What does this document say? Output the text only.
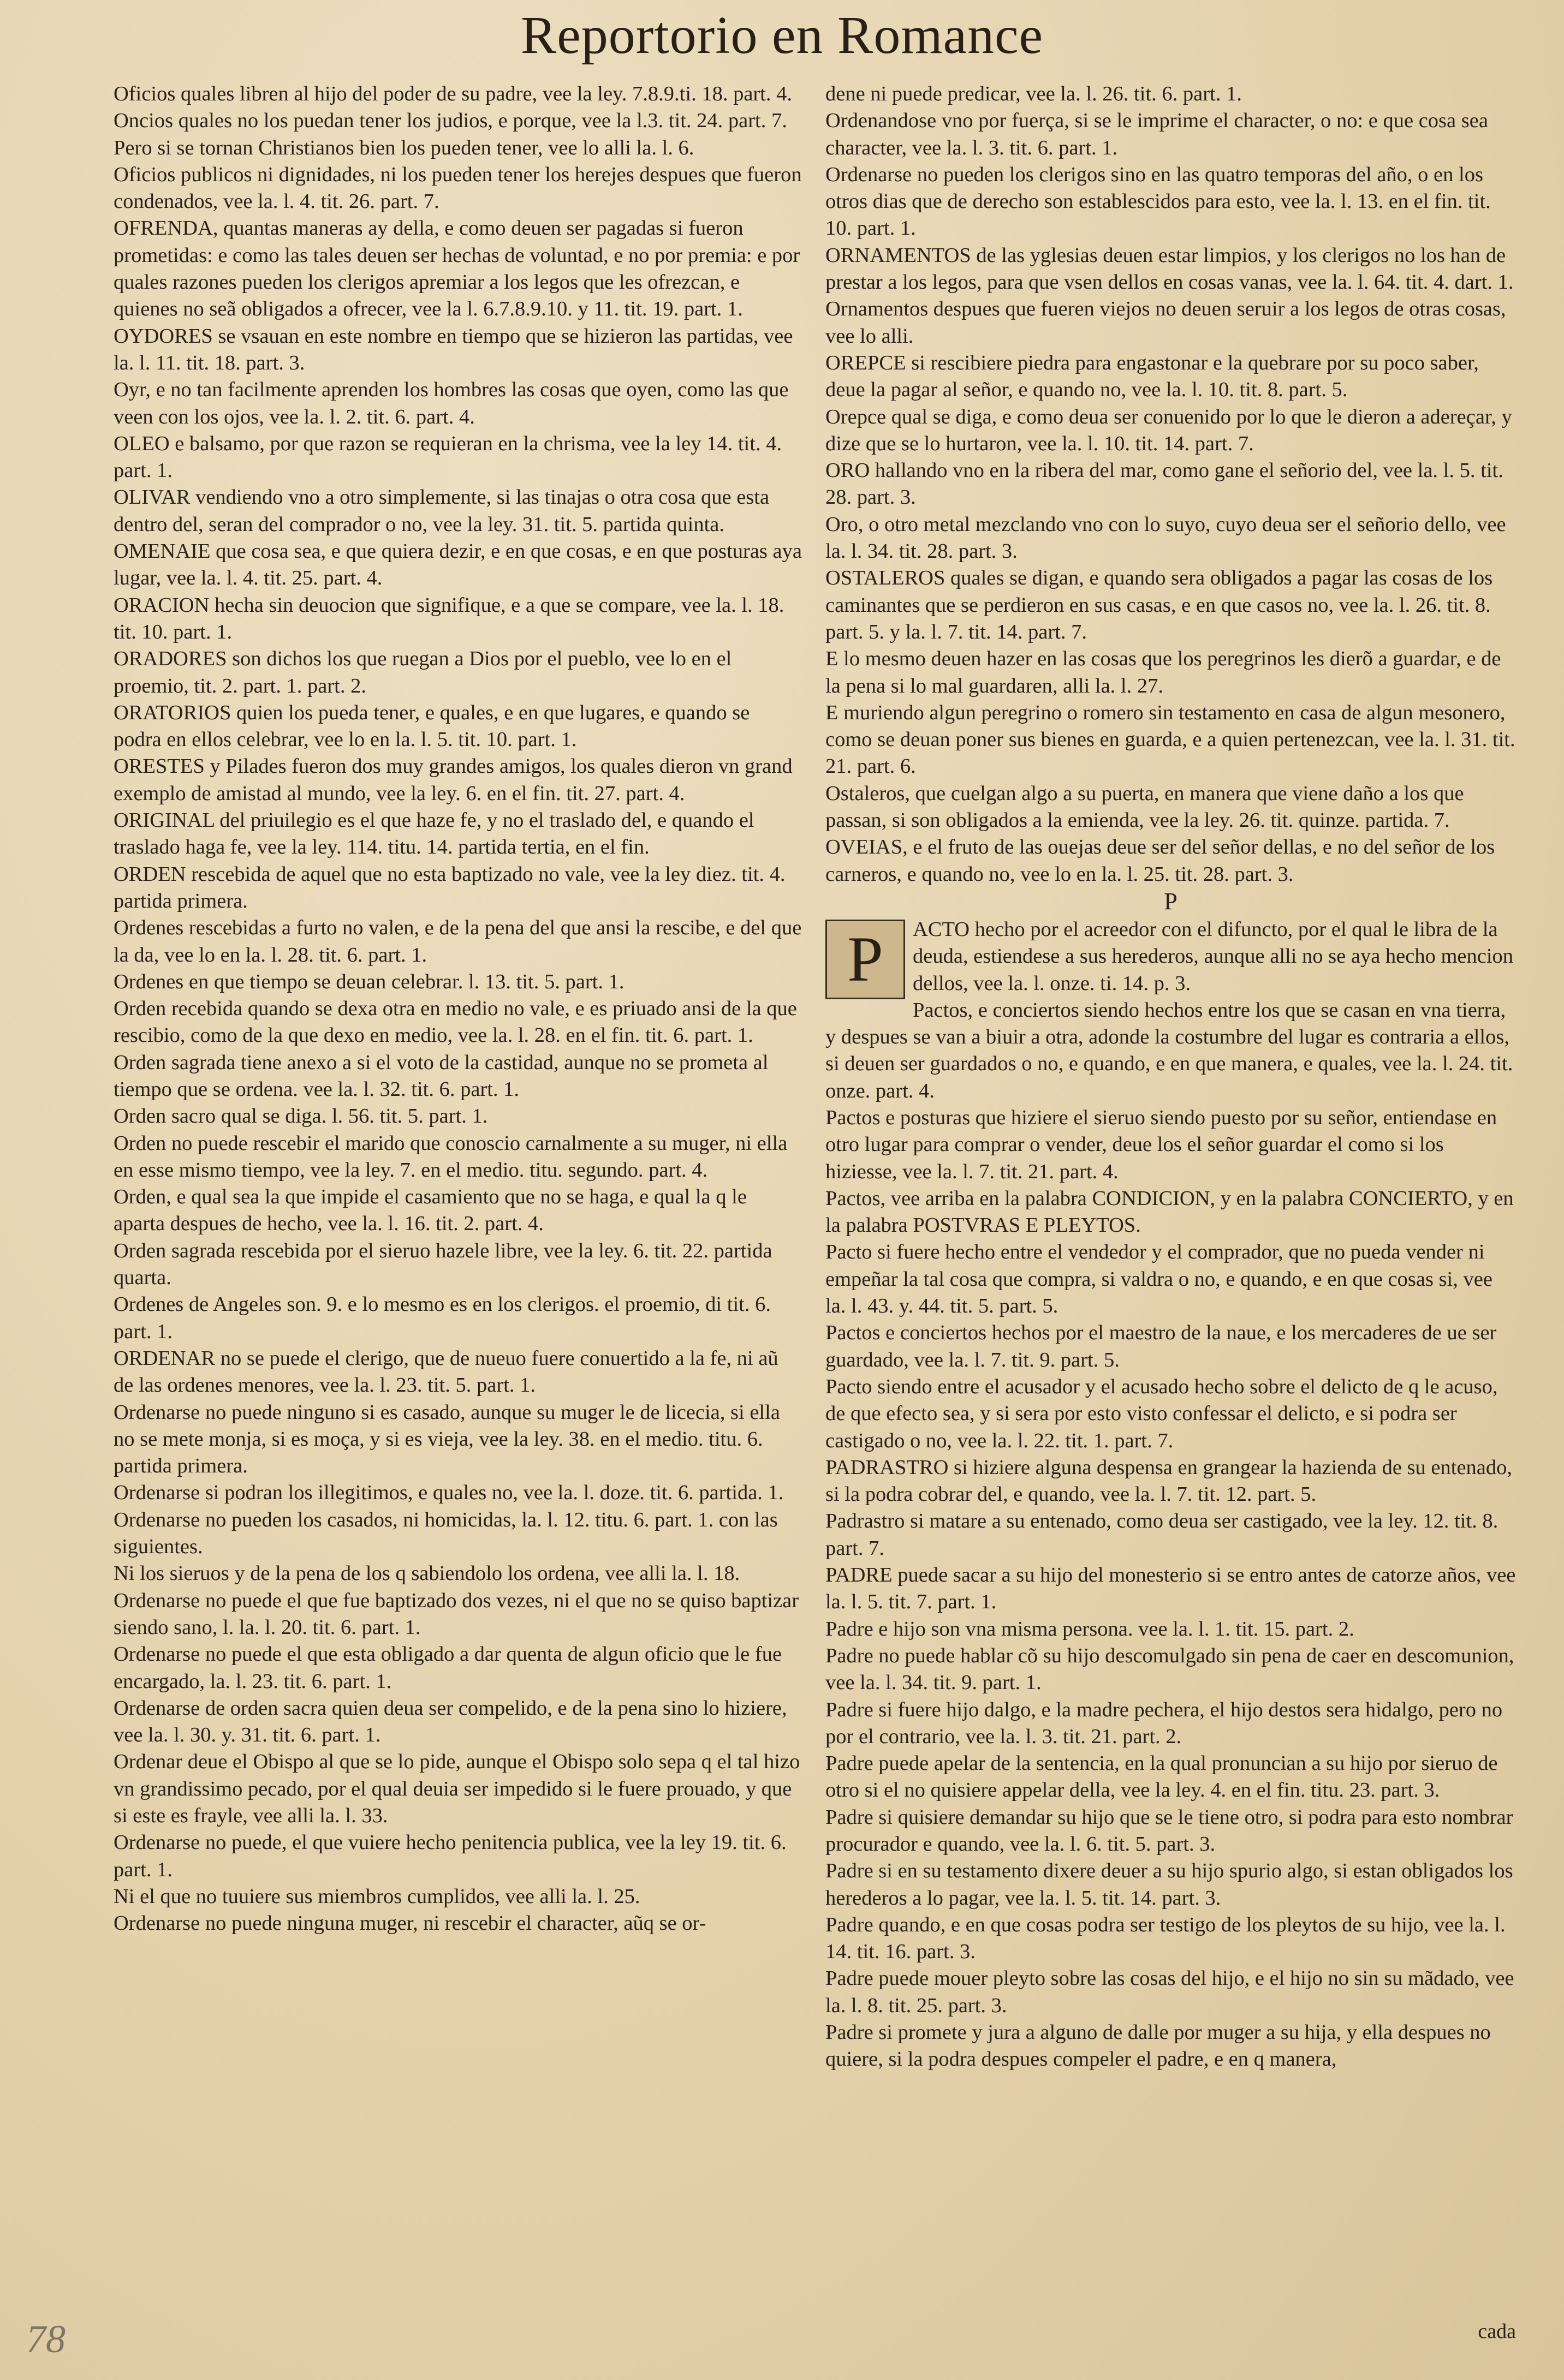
Reportorio en Romance

Oficios quales libren al hijo del poder de su padre, vee la ley. 7.8.9.ti. 18. part. 4.

Oncios quales no los puedan tener los judios, e porque, vee la l.3. tit. 24. part. 7.

Pero si se tornan Christianos bien los pueden tener, vee lo alli la. l. 6.

Oficios publicos ni dignidades, ni los pueden tener los herejes despues que fueron condenados, vee la. l. 4. tit. 26. part. 7.

OFRENDA, quantas maneras ay della, e como deuen ser pagadas si fueron prometidas: e como las tales deuen ser hechas de voluntad, e no por premia: e por quales razones pueden los clerigos apremiar a los legos que les ofrezcan, e quienes no seã obligados a ofrecer, vee la l. 6.7.8.9.10. y 11. tit. 19. part. 1.

OYDORES se vsauan en este nombre en tiempo que se hizieron las partidas, vee la. l. 11. tit. 18. part. 3.

Oyr, e no tan facilmente aprenden los hombres las cosas que oyen, como las que veen con los ojos, vee la. l. 2. tit. 6. part. 4.

OLEO e balsamo, por que razon se requieran en la chrisma, vee la ley 14. tit. 4. part. 1.

OLIVAR vendiendo vno a otro simplemente, si las tinajas o otra cosa que esta dentro del, seran del comprador o no, vee la ley. 31. tit. 5. partida quinta.

OMENAIE que cosa sea, e que quiera dezir, e en que cosas, e en que posturas aya lugar, vee la. l. 4. tit. 25. part. 4.

ORACION hecha sin deuocion que signifique, e a que se compare, vee la. l. 18. tit. 10. part. 1.

ORADORES son dichos los que ruegan a Dios por el pueblo, vee lo en el proemio, tit. 2. part. 1. part. 2.

ORATORIOS quien los pueda tener, e quales, e en que lugares, e quando se podra en ellos celebrar, vee lo en la. l. 5. tit. 10. part. 1.

ORESTES y Pilades fueron dos muy grandes amigos, los quales dieron vn grand exemplo de amistad al mundo, vee la ley. 6. en el fin. tit. 27. part. 4.

ORIGINAL del priuilegio es el que haze fe, y no el traslado del, e quando el traslado haga fe, vee la ley. 114. titu. 14. partida tertia, en el fin.

ORDEN rescebida de aquel que no esta baptizado no vale, vee la ley diez. tit. 4. partida primera.

Ordenes rescebidas a furto no valen, e de la pena del que ansi la rescibe, e del que la da, vee lo en la. l. 28. tit. 6. part. 1.

Ordenes en que tiempo se deuan celebrar. l. 13. tit. 5. part. 1.

Orden recebida quando se dexa otra en medio no vale, e es priuado ansi de la que rescibio, como de la que dexo en medio, vee la. l. 28. en el fin. tit. 6. part. 1.

Orden sagrada tiene anexo a si el voto de la castidad, aunque no se prometa al tiempo que se ordena. vee la. l. 32. tit. 6. part. 1.

Orden sacro qual se diga. l. 56. tit. 5. part. 1.

Orden no puede rescebir el marido que conoscio carnalmente a su muger, ni ella en esse mismo tiempo, vee la ley. 7. en el medio. titu. segundo. part. 4.

Orden, e qual sea la que impide el casamiento que no se haga, e qual la q le aparta despues de hecho, vee la. l. 16. tit. 2. part. 4.

Orden sagrada rescebida por el sieruo hazele libre, vee la ley. 6. tit. 22. partida quarta.

Ordenes de Angeles son. 9. e lo mesmo es en los clerigos. el proemio, di tit. 6. part. 1.

ORDENAR no se puede el clerigo, que de nueuo fuere conuertido a la fe, ni aũ de las ordenes menores, vee la. l. 23. tit. 5. part. 1.

Ordenarse no puede ninguno si es casado, aunque su muger le de licecia, si ella no se mete monja, si es moça, y si es vieja, vee la ley. 38. en el medio. titu. 6. partida primera.

Ordenarse si podran los illegitimos, e quales no, vee la. l. doze. tit. 6. partida. 1.

Ordenarse no pueden los casados, ni homicidas, la. l. 12. titu. 6. part. 1. con las siguientes.

Ni los sieruos y de la pena de los q sabiendolo los ordena, vee alli la. l. 18.

Ordenarse no puede el que fue baptizado dos vezes, ni el que no se quiso baptizar siendo sano, l. la. l. 20. tit. 6. part. 1.

Ordenarse no puede el que esta obligado a dar quenta de algun oficio que le fue encargado, la. l. 23. tit. 6. part. 1.

Ordenarse de orden sacra quien deua ser compelido, e de la pena sino lo hiziere, vee la. l. 30. y. 31. tit. 6. part. 1.

Ordenar deue el Obispo al que se lo pide, aunque el Obispo solo sepa q el tal hizo vn grandissimo pecado, por el qual deuia ser impedido si le fuere prouado, y que si este es frayle, vee alli la. l. 33.

Ordenarse no puede, el que vuiere hecho penitencia publica, vee la ley 19. tit. 6. part. 1.

Ni el que no tuuiere sus miembros cumplidos, vee alli la. l. 25.

Ordenarse no puede ninguna muger, ni rescebir el character, aũq se or-

dene ni puede predicar, vee la. l. 26. tit. 6. part. 1.

Ordenandose vno por fuerça, si se le imprime el character, o no: e que cosa sea character, vee la. l. 3. tit. 6. part. 1.

Ordenarse no pueden los clerigos sino en las quatro temporas del año, o en los otros dias que de derecho son establescidos para esto, vee la. l. 13. en el fin. tit. 10. part. 1.

ORNAMENTOS de las yglesias deuen estar limpios, y los clerigos no los han de prestar a los legos, para que vsen dellos en cosas vanas, vee la. l. 64. tit. 4. dart. 1.

Ornamentos despues que fueren viejos no deuen seruir a los legos de otras cosas, vee lo alli.

OREPCE si rescibiere piedra para engastonar e la quebrare por su poco saber, deue la pagar al señor, e quando no, vee la. l. 10. tit. 8. part. 5.

Orepce qual se diga, e como deua ser conuenido por lo que le dieron a adereçar, y dize que se lo hurtaron, vee la. l. 10. tit. 14. part. 7.

ORO hallando vno en la ribera del mar, como gane el señorio del, vee la. l. 5. tit. 28. part. 3.

Oro, o otro metal mezclando vno con lo suyo, cuyo deua ser el señorio dello, vee la. l. 34. tit. 28. part. 3.

OSTALEROS quales se digan, e quando sera obligados a pagar las cosas de los caminantes que se perdieron en sus casas, e en que casos no, vee la. l. 26. tit. 8. part. 5. y la. l. 7. tit. 14. part. 7.

E lo mesmo deuen hazer en las cosas que los peregrinos les dierõ a guardar, e de la pena si lo mal guardaren, alli la. l. 27.

E muriendo algun peregrino o romero sin testamento en casa de algun mesonero, como se deuan poner sus bienes en guarda, e a quien pertenezcan, vee la. l. 31. tit. 21. part. 6.

Ostaleros, que cuelgan algo a su puerta, en manera que viene daño a los que passan, si son obligados a la emienda, vee la ley. 26. tit. quinze. partida. 7.

OVEIAS, e el fruto de las ouejas deue ser del señor dellas, e no del señor de los carneros, e quando no, vee lo en la. l. 25. tit. 28. part. 3.

P
P	ACTO hecho por el acreedor con el difuncto, por el qual le libra de la deuda, estiendese a sus herederos, aunque alli no se aya hecho mencion dellos, vee la. l. onze. ti. 14. p. 3.

Pactos, e conciertos siendo hechos entre los que se casan en vna tierra, y despues se van a biuir a otra, adonde la costumbre del lugar es contraria a ellos, si deuen ser guardados o no, e quando, e en que manera, e quales, vee la. l. 24. tit. onze. part. 4.

Pactos e posturas que hiziere el sieruo siendo puesto por su señor, entiendase en otro lugar para comprar o vender, deue los el señor guardar el como si los hiziesse, vee la. l. 7. tit. 21. part. 4.

Pactos, vee arriba en la palabra CONDICION, y en la palabra CONCIERTO, y en la palabra POSTVRAS E PLEYTOS.

Pacto si fuere hecho entre el vendedor y el comprador, que no pueda vender ni empeñar la tal cosa que compra, si valdra o no, e quando, e en que cosas si, vee la. l. 43. y. 44. tit. 5. part. 5.

Pactos e conciertos hechos por el maestro de la naue, e los mercaderes de ue ser guardado, vee la. l. 7. tit. 9. part. 5.

Pacto siendo entre el acusador y el acusado hecho sobre el delicto de q le acuso, de que efecto sea, y si sera por esto visto confessar el delicto, e si podra ser castigado o no, vee la. l. 22. tit. 1. part. 7.

PADRASTRO si hiziere alguna despensa en grangear la hazienda de su entenado, si la podra cobrar del, e quando, vee la. l. 7. tit. 12. part. 5.

Padrastro si matare a su entenado, como deua ser castigado, vee la ley. 12. tit. 8. part. 7.

PADRE puede sacar a su hijo del monesterio si se entro antes de catorze años, vee la. l. 5. tit. 7. part. 1.

Padre e hijo son vna misma persona. vee la. l. 1. tit. 15. part. 2.

Padre no puede hablar cõ su hijo descomulgado sin pena de caer en descomunion, vee la. l. 34. tit. 9. part. 1.

Padre si fuere hijo dalgo, e la madre pechera, el hijo destos sera hidalgo, pero no por el contrario, vee la. l. 3. tit. 21. part. 2.

Padre puede apelar de la sentencia, en la qual pronuncian a su hijo por sieruo de otro si el no quisiere appelar della, vee la ley. 4. en el fin. titu. 23. part. 3.

Padre si quisiere demandar su hijo que se le tiene otro, si podra para esto nombrar procurador e quando, vee la. l. 6. tit. 5. part. 3.

Padre si en su testamento dixere deuer a su hijo spurio algo, si estan obligados los herederos a lo pagar, vee la. l. 5. tit. 14. part. 3.

Padre quando, e en que cosas podra ser testigo de los pleytos de su hijo, vee la. l. 14. tit. 16. part. 3.

Padre puede mouer pleyto sobre las cosas del hijo, e el hijo no sin su mãdado, vee la. l. 8. tit. 25. part. 3.

Padre si promete y jura a alguno de dalle por muger a su hija, y ella despues no quiere, si la podra despues compeler el padre, e en q manera,

78	cada
